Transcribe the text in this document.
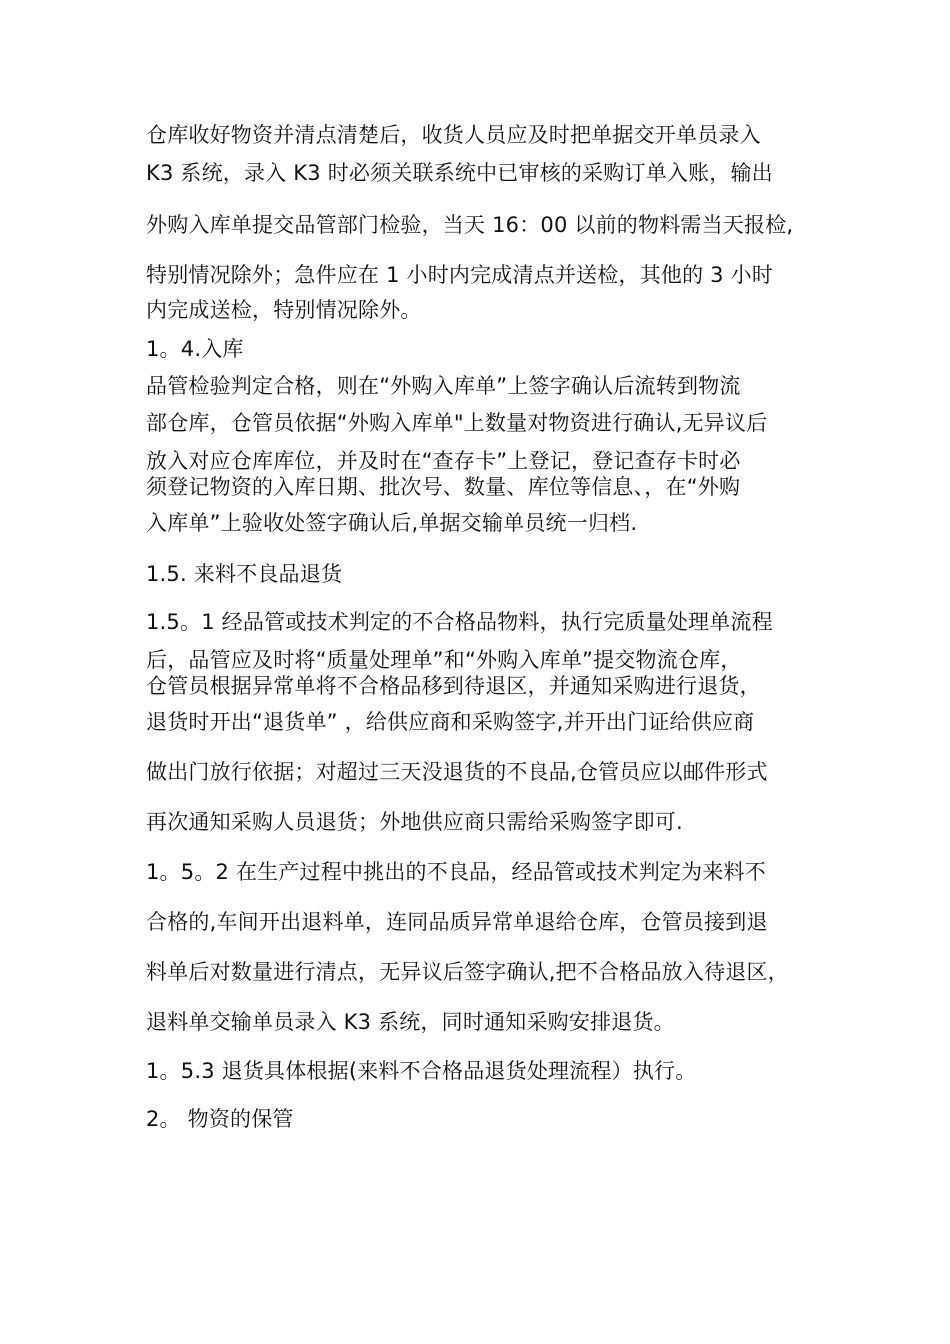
仓库收好物资并清点清楚后，收货人员应及时把单据交开单员录入
K3 系统，录入 K3 时必须关联系统中已审核的采购订单入账，输出
外购入库单提交品管部门检验，当天 16：00 以前的物料需当天报检,
特别情况除外；急件应在 1 小时内完成清点并送检，其他的 3 小时
内完成送检，特别情况除外。
1。4.入库
品管检验判定合格，则在“外购入库单”上签字确认后流转到物流
部仓库，仓管员依据“外购入库单"上数量对物资进行确认,无异议后
放入对应仓库库位，并及时在“查存卡”上登记，登记查存卡时必
须登记物资的入库日期、批次号、数量、库位等信息、，在“外购
入库单”上验收处签字确认后,单据交输单员统一归档.
1.5. 来料不良品退货
1.5。1 经品管或技术判定的不合格品物料，执行完质量处理单流程
后，品管应及时将“质量处理单”和“外购入库单”提交物流仓库，
仓管员根据异常单将不合格品移到待退区，并通知采购进行退货，
退货时开出“退货单” ，给供应商和采购签字,并开出门证给供应商
做出门放行依据；对超过三天没退货的不良品,仓管员应以邮件形式
再次通知采购人员退货；外地供应商只需给采购签字即可.
1。5。2 在生产过程中挑出的不良品，经品管或技术判定为来料不
合格的,车间开出退料单，连同品质异常单退给仓库，仓管员接到退
料单后对数量进行清点，无异议后签字确认,把不合格品放入待退区，
退料单交输单员录入 K3 系统，同时通知采购安排退货。
1。5.3 退货具体根据(来料不合格品退货处理流程）执行。
2。 物资的保管
